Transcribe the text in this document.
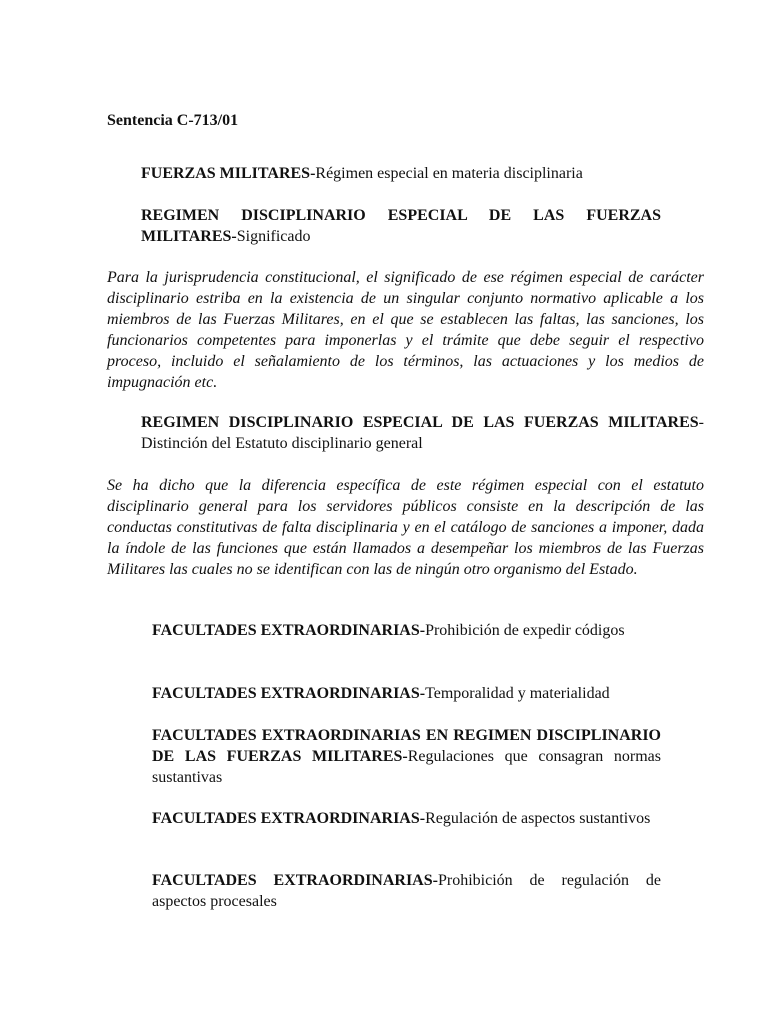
Sentencia C-713/01
FUERZAS MILITARES-Régimen especial en materia disciplinaria
REGIMEN DISCIPLINARIO ESPECIAL DE LAS FUERZAS MILITARES-Significado
Para la jurisprudencia constitucional, el significado de ese régimen especial de carácter disciplinario estriba en la existencia de un singular conjunto normativo aplicable a los miembros de las Fuerzas Militares, en el que se establecen las faltas, las sanciones, los funcionarios competentes para imponerlas y el trámite que debe seguir el respectivo proceso, incluido el señalamiento de los términos, las actuaciones y los medios de impugnación etc.
REGIMEN DISCIPLINARIO ESPECIAL DE LAS FUERZAS MILITARES-Distinción del Estatuto disciplinario general
Se ha dicho que la diferencia específica de este régimen especial con el estatuto disciplinario general para los servidores públicos consiste en la descripción de las conductas constitutivas de falta disciplinaria y en el catálogo de sanciones a imponer, dada la índole de las funciones que están llamados a desempeñar los miembros de las Fuerzas Militares las cuales no se identifican con las de ningún otro organismo del Estado.
FACULTADES EXTRAORDINARIAS-Prohibición de expedir códigos
FACULTADES EXTRAORDINARIAS-Temporalidad y materialidad
FACULTADES EXTRAORDINARIAS EN REGIMEN DISCIPLINARIO DE LAS FUERZAS MILITARES-Regulaciones que consagran normas sustantivas
FACULTADES EXTRAORDINARIAS-Regulación de aspectos sustantivos
FACULTADES EXTRAORDINARIAS-Prohibición de regulación de aspectos procesales
